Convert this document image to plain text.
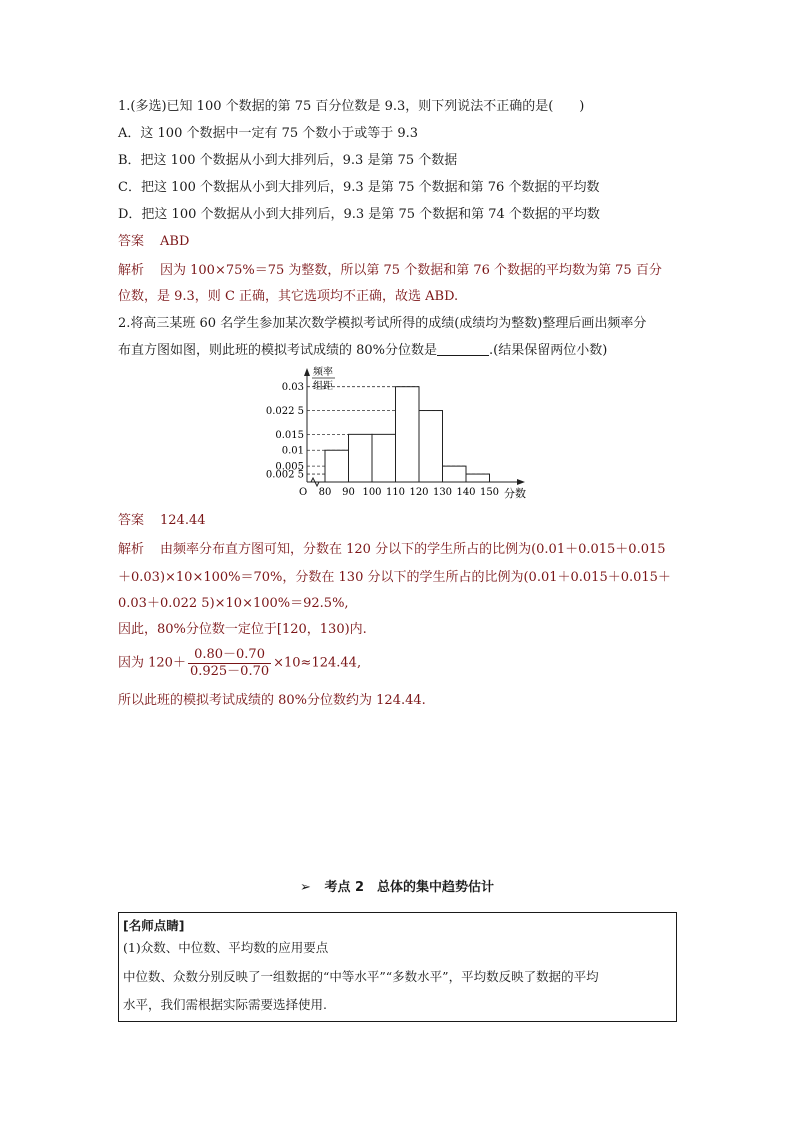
1.(多选)已知 100 个数据的第 75 百分位数是 9.3，则下列说法不正确的是(　　)
A．这 100 个数据中一定有 75 个数小于或等于 9.3
B．把这 100 个数据从小到大排列后，9.3 是第 75 个数据
C．把这 100 个数据从小到大排列后，9.3 是第 75 个数据和第 76 个数据的平均数
D．把这 100 个数据从小到大排列后，9.3 是第 75 个数据和第 74 个数据的平均数
答案 ABD
解析 因为 100×75%＝75 为整数，所以第 75 个数据和第 76 个数据的平均数为第 75 百分
位数，是 9.3，则 C 正确，其它选项均不正确，故选 ABD.
2.将高三某班 60 名学生参加某次数学模拟考试所得的成绩(成绩均为整数)整理后画出频率分
布直方图如图，则此班的模拟考试成绩的 80%分位数是	.(结果保留两位小数)
频率
组距
O	分数
0.002 5
0.005
0.01
0.015
0.022 5
0.03
80 90 100 110 120 130 140 150
答案 124.44
解析 由频率分布直方图可知，分数在 120 分以下的学生所占的比例为(0.01＋0.015＋0.015
＋0.03)×10×100%＝70%，分数在 130 分以下的学生所占的比例为(0.01＋0.015＋0.015＋
0.03＋0.022 5)×10×100%＝92.5%,
因此，80%分位数一定位于[120，130)内.
因为 $120+ \frac{0.80-0.70}{0.925-0.70} \times 10\approx 124.44$,
所以此班的模拟考试成绩的 80%分位数约为 124.44.
➢ 考点 2　总体的集中趋势估计
[名师点睛]
(1)众数、中位数、平均数的应用要点
中位数、众数分别反映了一组数据的“中等水平”“多数水平”，平均数反映了数据的平均
水平，我们需根据实际需要选择使用.
